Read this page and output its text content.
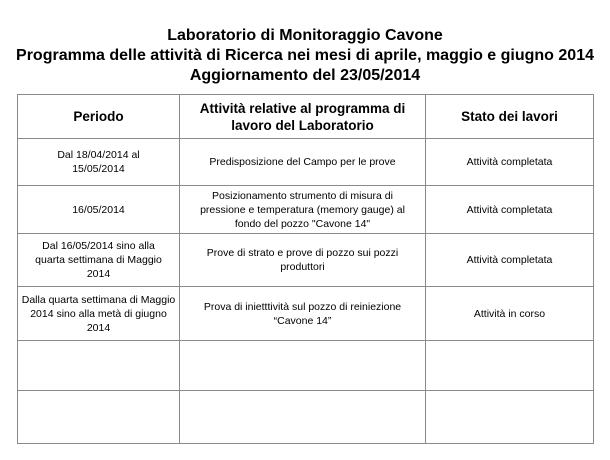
Laboratorio di Monitoraggio Cavone
Programma delle attività di Ricerca nei mesi di aprile, maggio e giugno 2014
Aggiornamento del 23/05/2014
Periodo	Attività relative al programma di lavoro del Laboratorio	Stato dei lavori
Dal 18/04/2014 al 15/05/2014	Predisposizione del Campo per le prove	Attività completata
16/05/2014	Posizionamento strumento di misura di pressione e temperatura (memory gauge) al fondo del pozzo "Cavone 14"	Attività completata
Dal 16/05/2014 sino alla quarta settimana di Maggio 2014	Prove di strato e prove di pozzo sui pozzi produttori	Attività completata
Dalla quarta settimana di Maggio 2014 sino alla metà di giugno 2014	Prova di inietttività sul pozzo di reiniezione “Cavone 14”	Attività in corso
